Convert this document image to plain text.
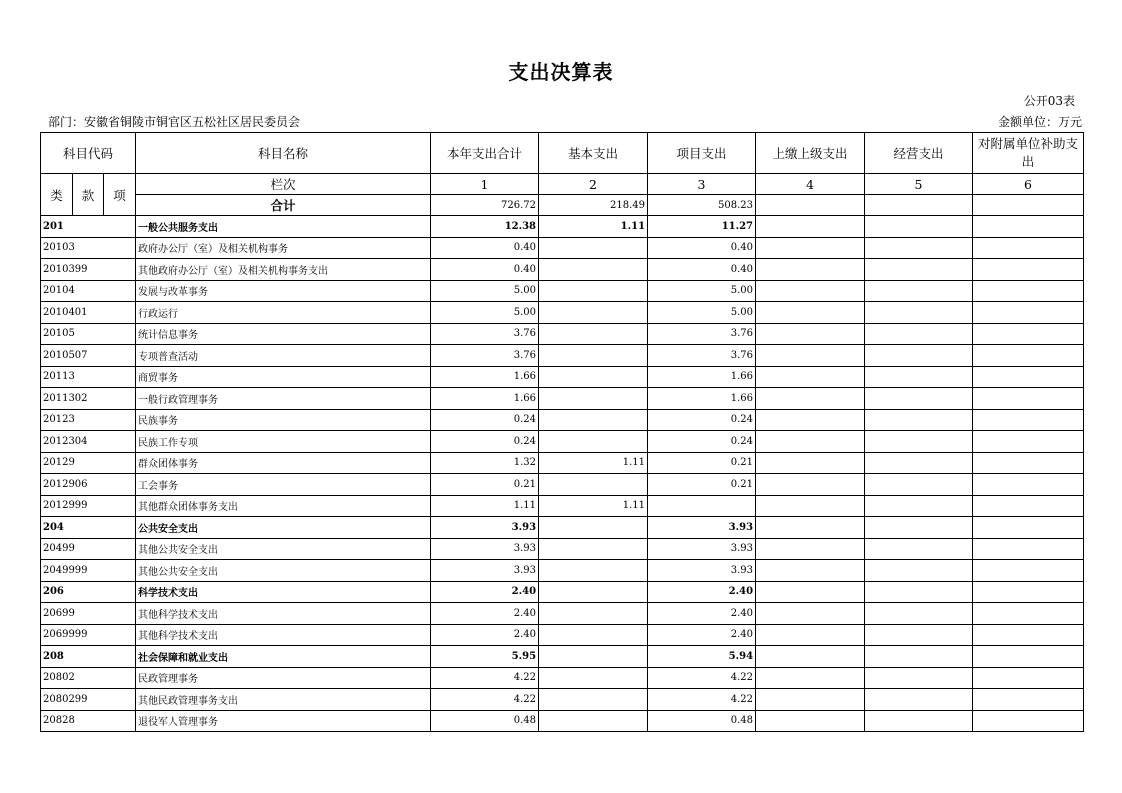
支出决算表
公开03表
部门：安徽省铜陵市铜官区五松社区居民委员会	金额单位：万元
科目代码			科目名称	本年支出合计	基本支出	项目支出	上缴上级支出	经营支出	对附属单位补助支出
类	款	项	栏次	1	2	3	4	5	6
			合计	726.72	218.49	508.23			
201			一般公共服务支出	12.38	1.11	11.27			
20103			政府办公厅（室）及相关机构事务	0.40		0.40			
2010399			其他政府办公厅（室）及相关机构事务支出	0.40		0.40			
20104			发展与改革事务	5.00		5.00			
2010401			行政运行	5.00		5.00			
20105			统计信息事务	3.76		3.76			
2010507			专项普查活动	3.76		3.76			
20113			商贸事务	1.66		1.66			
2011302			一般行政管理事务	1.66		1.66			
20123			民族事务	0.24		0.24			
2012304			民族工作专项	0.24		0.24			
20129			群众团体事务	1.32	1.11	0.21			
2012906			工会事务	0.21		0.21			
2012999			其他群众团体事务支出	1.11	1.11				
204			公共安全支出	3.93		3.93			
20499			其他公共安全支出	3.93		3.93			
2049999			其他公共安全支出	3.93		3.93			
206			科学技术支出	2.40		2.40			
20699			其他科学技术支出	2.40		2.40			
2069999			其他科学技术支出	2.40		2.40			
208			社会保障和就业支出	5.95		5.94			
20802			民政管理事务	4.22		4.22			
2080299			其他民政管理事务支出	4.22		4.22			
20828			退役军人管理事务	0.48		0.48			
